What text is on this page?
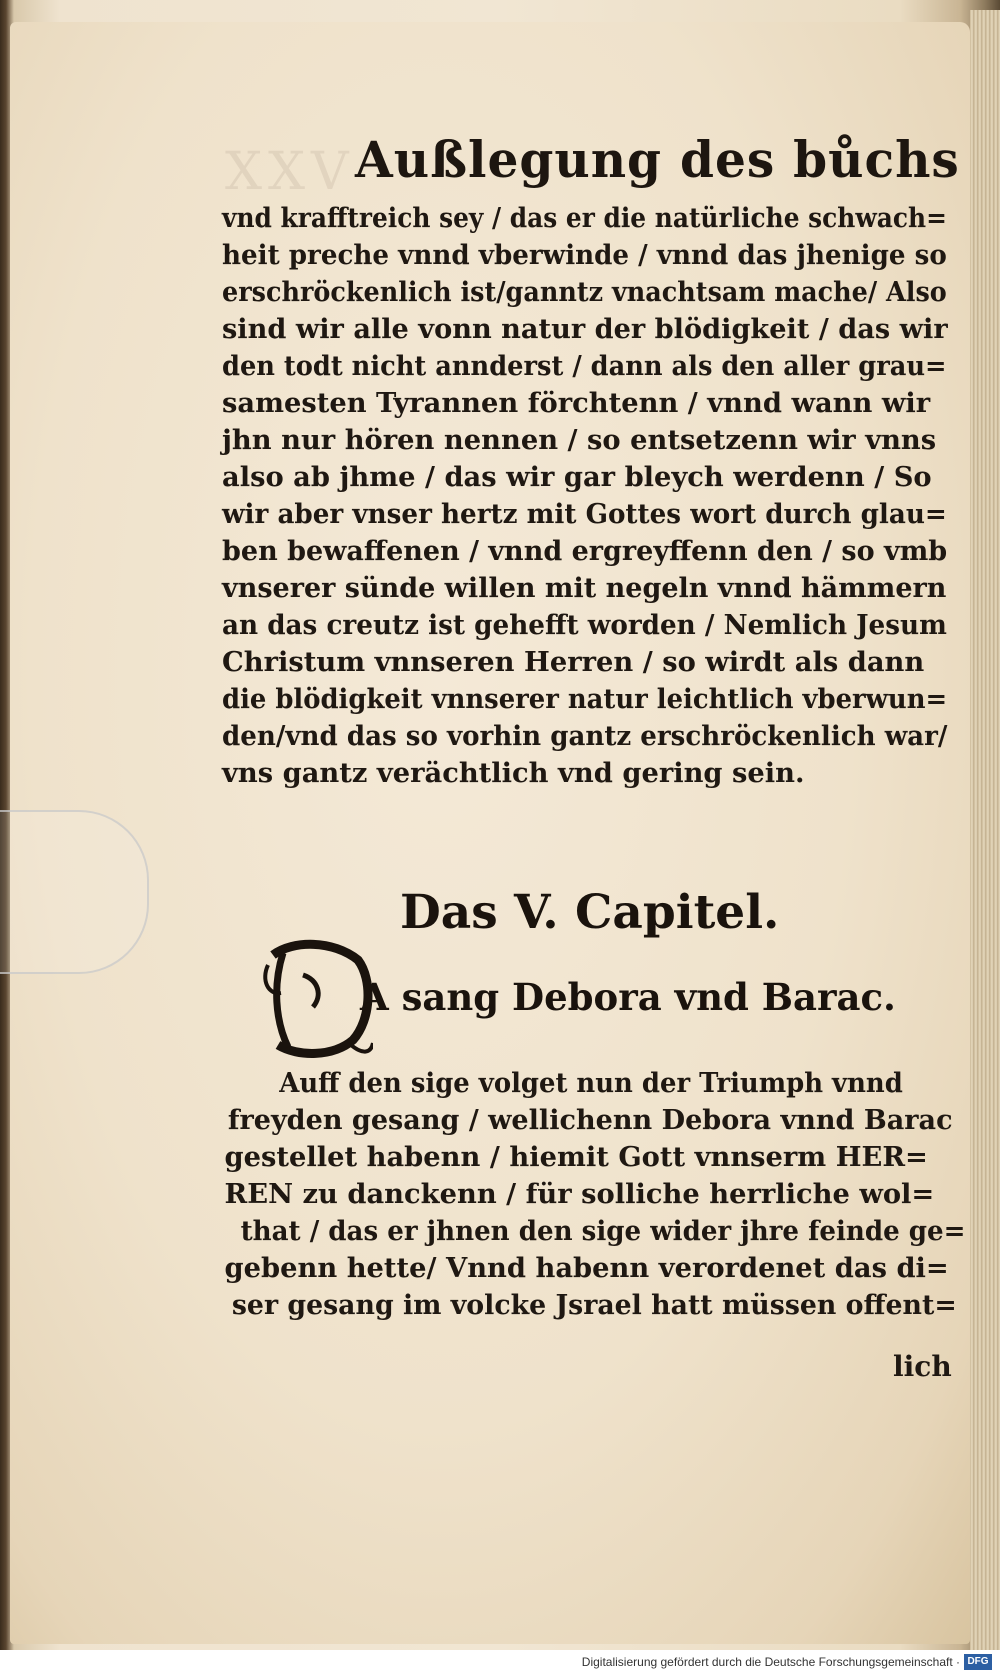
XXV Außlegung des bůchs
vnd krafftreich sey / das er die natürliche schwach=
heit preche vnnd vberwinde / vnnd das jhenige so
erschröckenlich ist/ganntz vnachtsam mache/ Also
sind wir alle vonn natur der blödigkeit / das wir
den todt nicht annderst / dann als den aller grau=
samesten Tyrannen förchtenn / vnnd wann wir
jhn nur hören nennen / so entsetzenn wir vnns
also ab jhme / das wir gar bleych werdenn / So
wir aber vnser hertz mit Gottes wort durch glau=
ben bewaffenen / vnnd ergreyffenn den / so vmb
vnserer sünde willen mit negeln vnnd hämmern
an das creutz ist gehefft worden / Nemlich Jesum
Christum vnnseren Herren / so wirdt als dann
die blödigkeit vnnserer natur leichtlich vberwun=
den/vnd das so vorhin gantz erschröckenlich war/
vns gantz verächtlich vnd gering sein.
Das V. Capitel.
A sang Debora vnd Barac.
Auff den sige volget nun der Triumph vnnd
freyden gesang / wellichenn Debora vnnd Barac
gestellet habenn / hiemit Gott vnnserm HER=
REN zu danckenn / für solliche herrliche wol=
that / das er jhnen den sige wider jhre feinde ge=
gebenn hette/ Vnnd habenn verordenet das di=
ser gesang im volcke Jsrael hatt müssen offent=
lich
Digitalisierung gefördert durch die Deutsche Forschungsgemeinschaft · DFG
